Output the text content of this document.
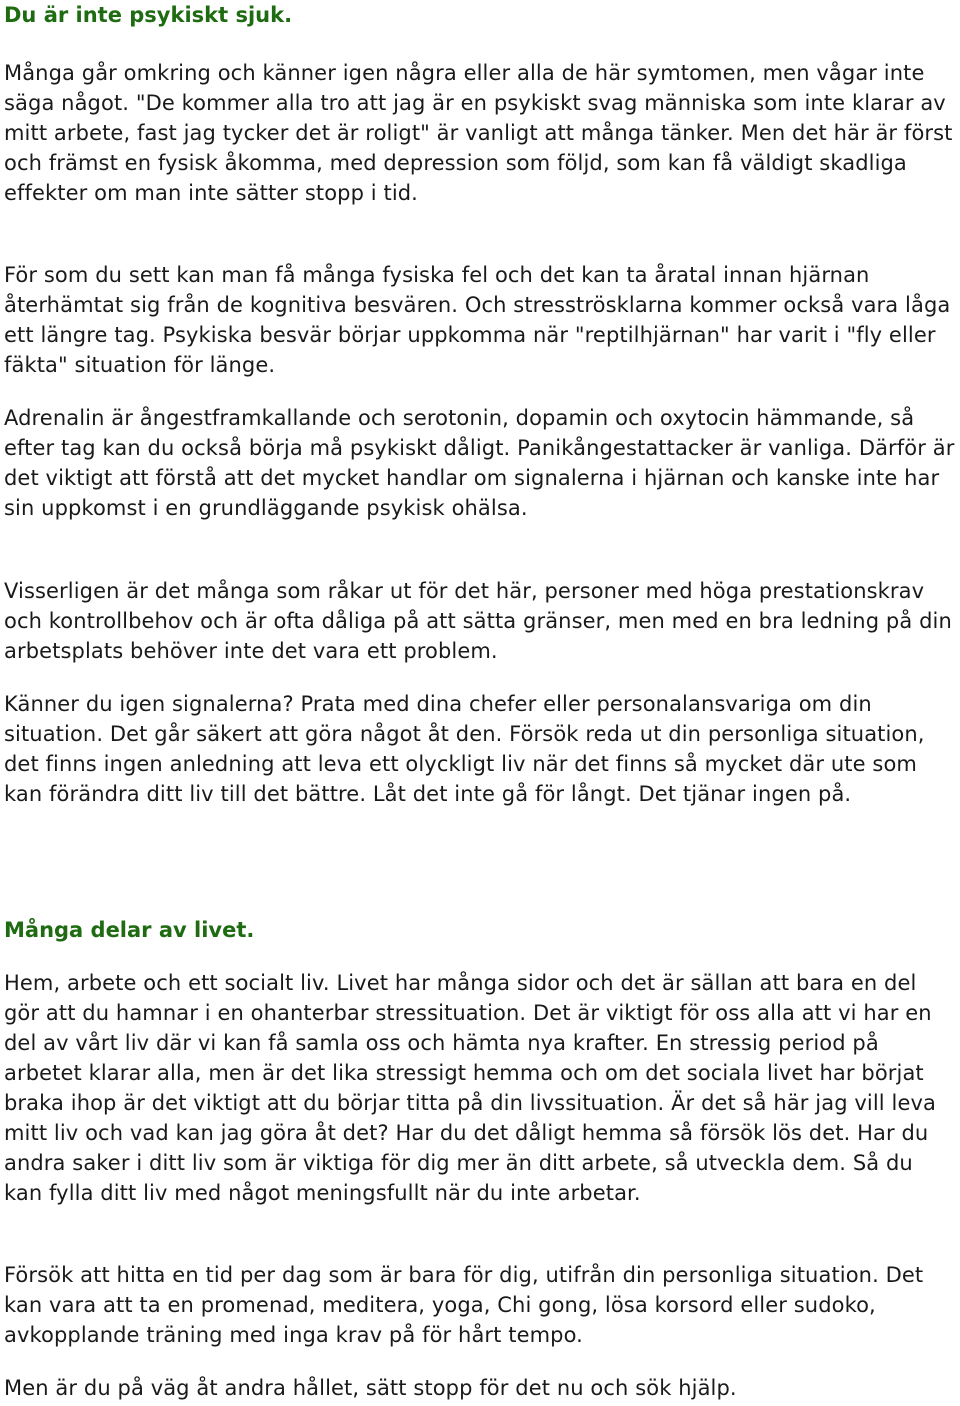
Du är inte psykiskt sjuk.

Många går omkring och känner igen några eller alla de här symtomen, men vågar inte säga något. "De kommer alla tro att jag är en psykiskt svag människa som inte klarar av mitt arbete, fast jag tycker det är roligt" är vanligt att många tänker. Men det här är först och främst en fysisk åkomma, med depression som följd, som kan få väldigt skadliga effekter om man inte sätter stopp i tid.

För som du sett kan man få många fysiska fel och det kan ta åratal innan hjärnan återhämtat sig från de kognitiva besvären. Och stresströsklarna kommer också vara låga ett längre tag. Psykiska besvär börjar uppkomma när "reptilhjärnan" har varit i "fly eller fäkta" situation för länge.

Adrenalin är ångestframkallande och serotonin, dopamin och oxytocin hämmande, så efter tag kan du också börja må psykiskt dåligt. Panikångestattacker är vanliga. Därför är det viktigt att förstå att det mycket handlar om signalerna i hjärnan och kanske inte har sin uppkomst i en grundläggande psykisk ohälsa.

Visserligen är det många som råkar ut för det här, personer med höga prestationskrav och kontrollbehov och är ofta dåliga på att sätta gränser, men med en bra ledning på din arbetsplats behöver inte det vara ett problem.

Känner du igen signalerna? Prata med dina chefer eller personalansvariga om din situation. Det går säkert att göra något åt den. Försök reda ut din personliga situation, det finns ingen anledning att leva ett olyckligt liv när det finns så mycket där ute som kan förändra ditt liv till det bättre. Låt det inte gå för långt. Det tjänar ingen på.

Många delar av livet.

Hem, arbete och ett socialt liv. Livet har många sidor och det är sällan att bara en del gör att du hamnar i en ohanterbar stressituation. Det är viktigt för oss alla att vi har en del av vårt liv där vi kan få samla oss och hämta nya krafter. En stressig period på arbetet klarar alla, men är det lika stressigt hemma och om det sociala livet har börjat braka ihop är det viktigt att du börjar titta på din livssituation. Är det så här jag vill leva mitt liv och vad kan jag göra åt det? Har du det dåligt hemma så försök lös det. Har du andra saker i ditt liv som är viktiga för dig mer än ditt arbete, så utveckla dem. Så du kan fylla ditt liv med något meningsfullt när du inte arbetar.

Försök att hitta en tid per dag som är bara för dig, utifrån din personliga situation. Det kan vara att ta en promenad, meditera, yoga, Chi gong, lösa korsord eller sudoko, avkopplande träning med inga krav på för hårt tempo.

Men är du på väg åt andra hållet, sätt stopp för det nu och sök hjälp.
